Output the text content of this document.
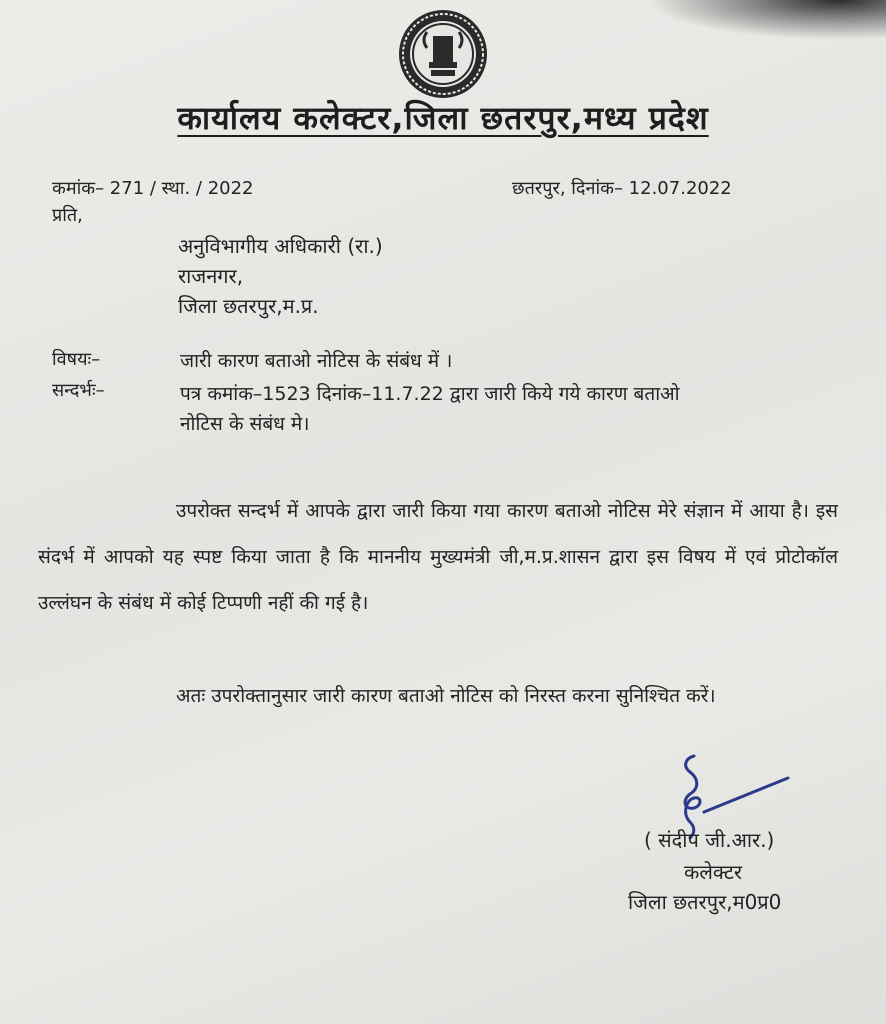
कार्यालय कलेक्टर,जिला छतरपुर,मध्य प्रदेश
कमांक– 271 / स्था. / 2022	छतरपुर, दिनांक– 12.07.2022
प्रति,
अनुविभागीय अधिकारी (रा.)
राजनगर,
जिला छतरपुर,म.प्र.
विषयः–	जारी कारण बताओ नोटिस के संबंध में ।
सन्दर्भः–	पत्र कमांक–1523 दिनांक–11.7.22 द्वारा जारी किये गये कारण बताओ
नोटिस के संबंध मे।
उपरोक्त सन्दर्भ में आपके द्वारा जारी किया गया कारण बताओ नोटिस मेरे संज्ञान में आया है। इस संदर्भ में आपको यह स्पष्ट किया जाता है कि माननीय मुख्यमंत्री जी,म.प्र.शासन द्वारा इस विषय में एवं प्रोटोकॉल उल्लंघन के संबंध में कोई टिप्पणी नहीं की गई है।
अतः उपरोक्तानुसार जारी कारण बताओ नोटिस को निरस्त करना सुनिश्चित करें।
( संदीप जी.आर.)
कलेक्टर
जिला छतरपुर,म0प्र0
